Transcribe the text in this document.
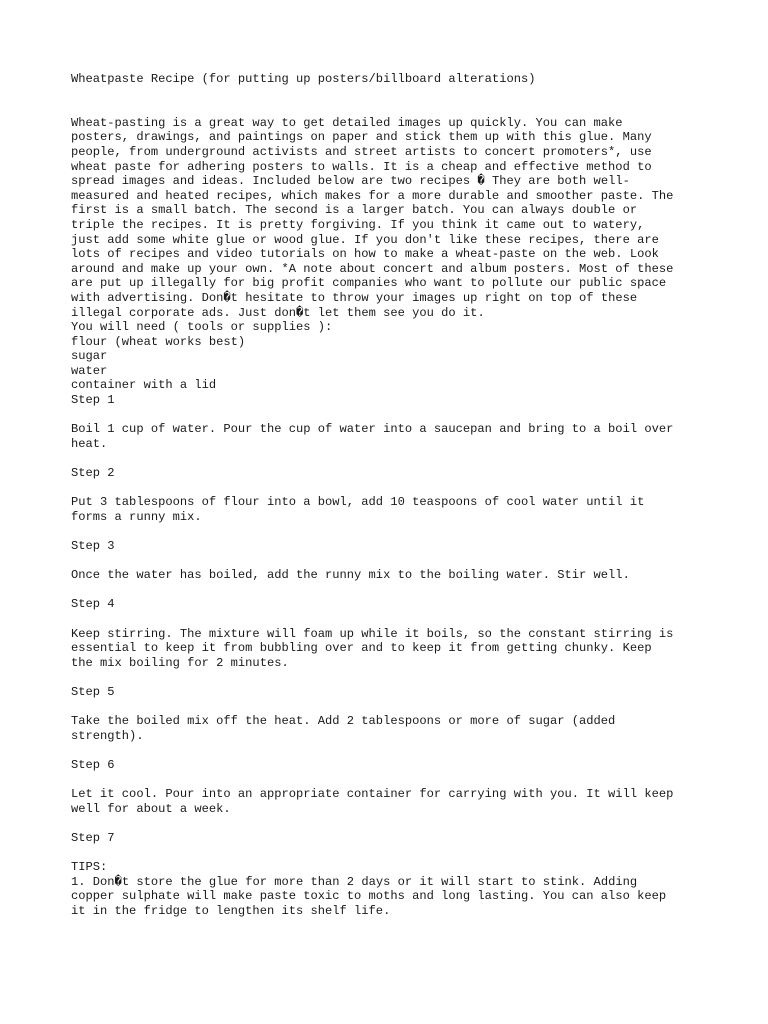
Wheatpaste Recipe (for putting up posters/billboard alterations)
Wheat-pasting is a great way to get detailed images up quickly. You can make
posters, drawings, and paintings on paper and stick them up with this glue. Many
people, from underground activists and street artists to concert promoters*, use
wheat paste for adhering posters to walls. It is a cheap and effective method to
spread images and ideas. Included below are two recipes � They are both well-
measured and heated recipes, which makes for a more durable and smoother paste. The
first is a small batch. The second is a larger batch. You can always double or
triple the recipes. It is pretty forgiving. If you think it came out to watery,
just add some white glue or wood glue. If you don't like these recipes, there are
lots of recipes and video tutorials on how to make a wheat-paste on the web. Look
around and make up your own. *A note about concert and album posters. Most of these
are put up illegally for big profit companies who want to pollute our public space
with advertising. Don�t hesitate to throw your images up right on top of these
illegal corporate ads. Just don�t let them see you do it.
You will need ( tools or supplies ):
flour (wheat works best)
sugar
water
container with a lid
Step 1
Boil 1 cup of water. Pour the cup of water into a saucepan and bring to a boil over
heat.
Step 2
Put 3 tablespoons of flour into a bowl, add 10 teaspoons of cool water until it
forms a runny mix.
Step 3
Once the water has boiled, add the runny mix to the boiling water. Stir well.
Step 4
Keep stirring. The mixture will foam up while it boils, so the constant stirring is
essential to keep it from bubbling over and to keep it from getting chunky. Keep
the mix boiling for 2 minutes.
Step 5
Take the boiled mix off the heat. Add 2 tablespoons or more of sugar (added
strength).
Step 6
Let it cool. Pour into an appropriate container for carrying with you. It will keep
well for about a week.
Step 7
TIPS:
1. Don�t store the glue for more than 2 days or it will start to stink. Adding
copper sulphate will make paste toxic to moths and long lasting. You can also keep
it in the fridge to lengthen its shelf life.
